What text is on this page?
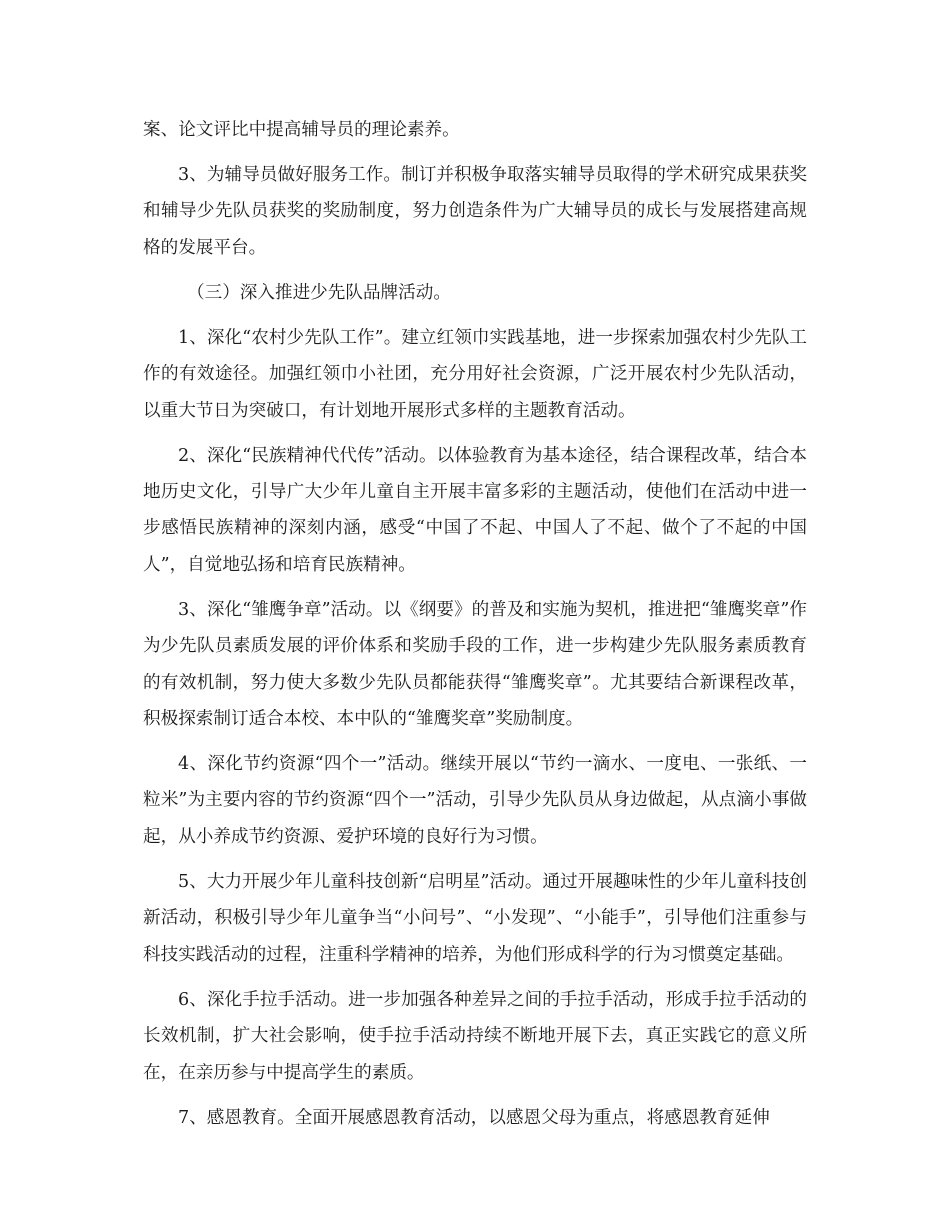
案、论文评比中提高辅导员的理论素养。

3、为辅导员做好服务工作。制订并积极争取落实辅导员取得的学术研究成果获奖和辅导少先队员获奖的奖励制度，努力创造条件为广大辅导员的成长与发展搭建高规格的发展平台。

（三）深入推进少先队品牌活动。

1、深化“农村少先队工作”。建立红领巾实践基地，进一步探索加强农村少先队工作的有效途径。加强红领巾小社团，充分用好社会资源，广泛开展农村少先队活动，以重大节日为突破口，有计划地开展形式多样的主题教育活动。

2、深化“民族精神代代传”活动。以体验教育为基本途径，结合课程改革，结合本地历史文化，引导广大少年儿童自主开展丰富多彩的主题活动，使他们在活动中进一步感悟民族精神的深刻内涵，感受“中国了不起、中国人了不起、做个了不起的中国人”，自觉地弘扬和培育民族精神。

3、深化“雏鹰争章”活动。以《纲要》的普及和实施为契机，推进把“雏鹰奖章”作为少先队员素质发展的评价体系和奖励手段的工作，进一步构建少先队服务素质教育的有效机制，努力使大多数少先队员都能获得“雏鹰奖章”。尤其要结合新课程改革，积极探索制订适合本校、本中队的“雏鹰奖章”奖励制度。

4、深化节约资源“四个一”活动。继续开展以“节约一滴水、一度电、一张纸、一粒米”为主要内容的节约资源“四个一”活动，引导少先队员从身边做起，从点滴小事做起，从小养成节约资源、爱护环境的良好行为习惯。

5、大力开展少年儿童科技创新“启明星”活动。通过开展趣味性的少年儿童科技创新活动，积极引导少年儿童争当“小问号”、“小发现”、“小能手”，引导他们注重参与科技实践活动的过程，注重科学精神的培养，为他们形成科学的行为习惯奠定基础。

6、深化手拉手活动。进一步加强各种差异之间的手拉手活动，形成手拉手活动的长效机制，扩大社会影响，使手拉手活动持续不断地开展下去，真正实践它的意义所在，在亲历参与中提高学生的素质。

7、感恩教育。全面开展感恩教育活动，以感恩父母为重点，将感恩教育延伸
